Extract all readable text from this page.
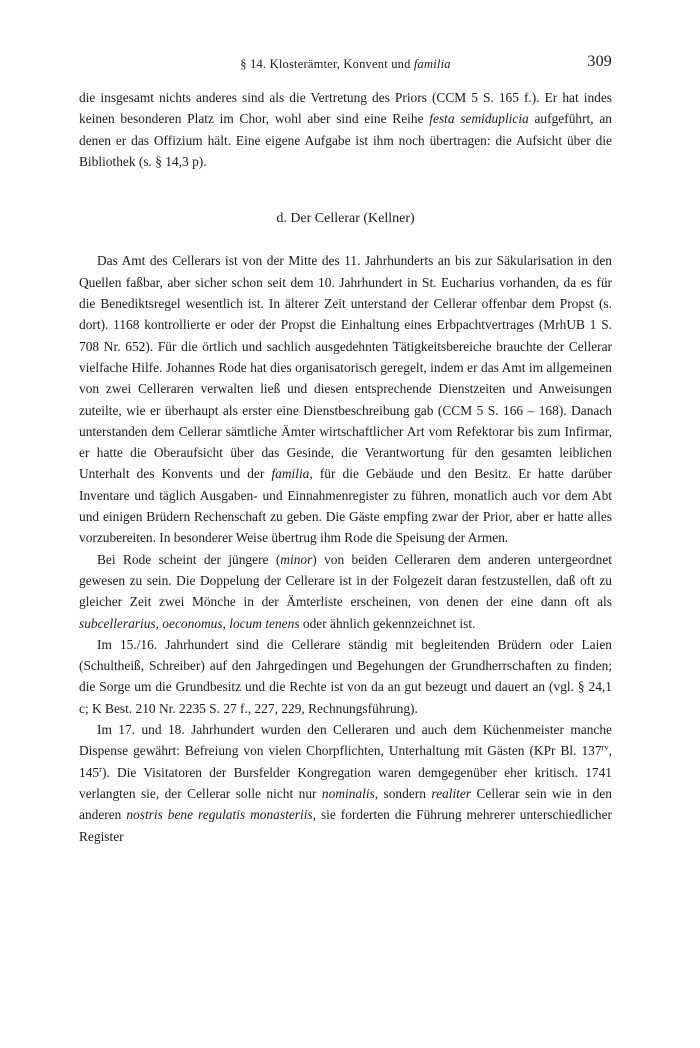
§ 14. Klosterämter, Konvent und familia	309

die insgesamt nichts anderes sind als die Vertretung des Priors (CCM 5 S. 165 f.). Er hat indes keinen besonderen Platz im Chor, wohl aber sind eine Reihe festa semiduplicia aufgeführt, an denen er das Offizium hält. Eine eigene Aufgabe ist ihm noch übertragen: die Aufsicht über die Bibliothek (s. § 14,3 p).

d. Der Cellerar (Kellner)

Das Amt des Cellerars ist von der Mitte des 11. Jahrhunderts an bis zur Säkularisation in den Quellen faßbar, aber sicher schon seit dem 10. Jahrhundert in St. Eucharius vorhanden, da es für die Benediktsregel wesentlich ist. In älterer Zeit unterstand der Cellerar offenbar dem Propst (s. dort). 1168 kontrollierte er oder der Propst die Einhaltung eines Erbpachtvertrages (MrhUB 1 S. 708 Nr. 652). Für die örtlich und sachlich ausgedehnten Tätigkeitsbereiche brauchte der Cellerar vielfache Hilfe. Johannes Rode hat dies organisatorisch geregelt, indem er das Amt im allgemeinen von zwei Celleraren verwalten ließ und diesen entsprechende Dienstzeiten und Anweisungen zuteilte, wie er überhaupt als erster eine Dienstbeschreibung gab (CCM 5 S. 166 – 168). Danach unterstanden dem Cellerar sämtliche Ämter wirtschaftlicher Art vom Refektorar bis zum Infirmar, er hatte die Oberaufsicht über das Gesinde, die Verantwortung für den gesamten leiblichen Unterhalt des Konvents und der familia, für die Gebäude und den Besitz. Er hatte darüber Inventare und täglich Ausgaben- und Einnahmenregister zu führen, monatlich auch vor dem Abt und einigen Brüdern Rechenschaft zu geben. Die Gäste empfing zwar der Prior, aber er hatte alles vorzubereiten. In besonderer Weise übertrug ihm Rode die Speisung der Armen.

Bei Rode scheint der jüngere (minor) von beiden Celleraren dem anderen untergeordnet gewesen zu sein. Die Doppelung der Cellerare ist in der Folgezeit daran festzustellen, daß oft zu gleicher Zeit zwei Mönche in der Ämterliste erscheinen, von denen der eine dann oft als subcellerarius, oeconomus, locum tenens oder ähnlich gekennzeichnet ist.

Im 15./16. Jahrhundert sind die Cellerare ständig mit begleitenden Brüdern oder Laien (Schultheiß, Schreiber) auf den Jahrgedingen und Begehungen der Grundherrschaften zu finden; die Sorge um die Grundbesitz und die Rechte ist von da an gut bezeugt und dauert an (vgl. § 24,1 c; K Best. 210 Nr. 2235 S. 27 f., 227, 229, Rechnungsführung).

Im 17. und 18. Jahrhundert wurden den Celleraren und auch dem Küchenmeister manche Dispense gewährt: Befreiung von vielen Chorpflichten, Unterhaltung mit Gästen (KPr Bl. $137^{rv}$, 145$^r$). Die Visitatoren der Bursfelder Kongregation waren demgegenüber eher kritisch. 1741 verlangten sie, der Cellerar solle nicht nur nominalis, sondern realiter Cellerar sein wie in den anderen nostris bene regulatis monasteriis, sie forderten die Führung mehrerer unterschiedlicher Register
